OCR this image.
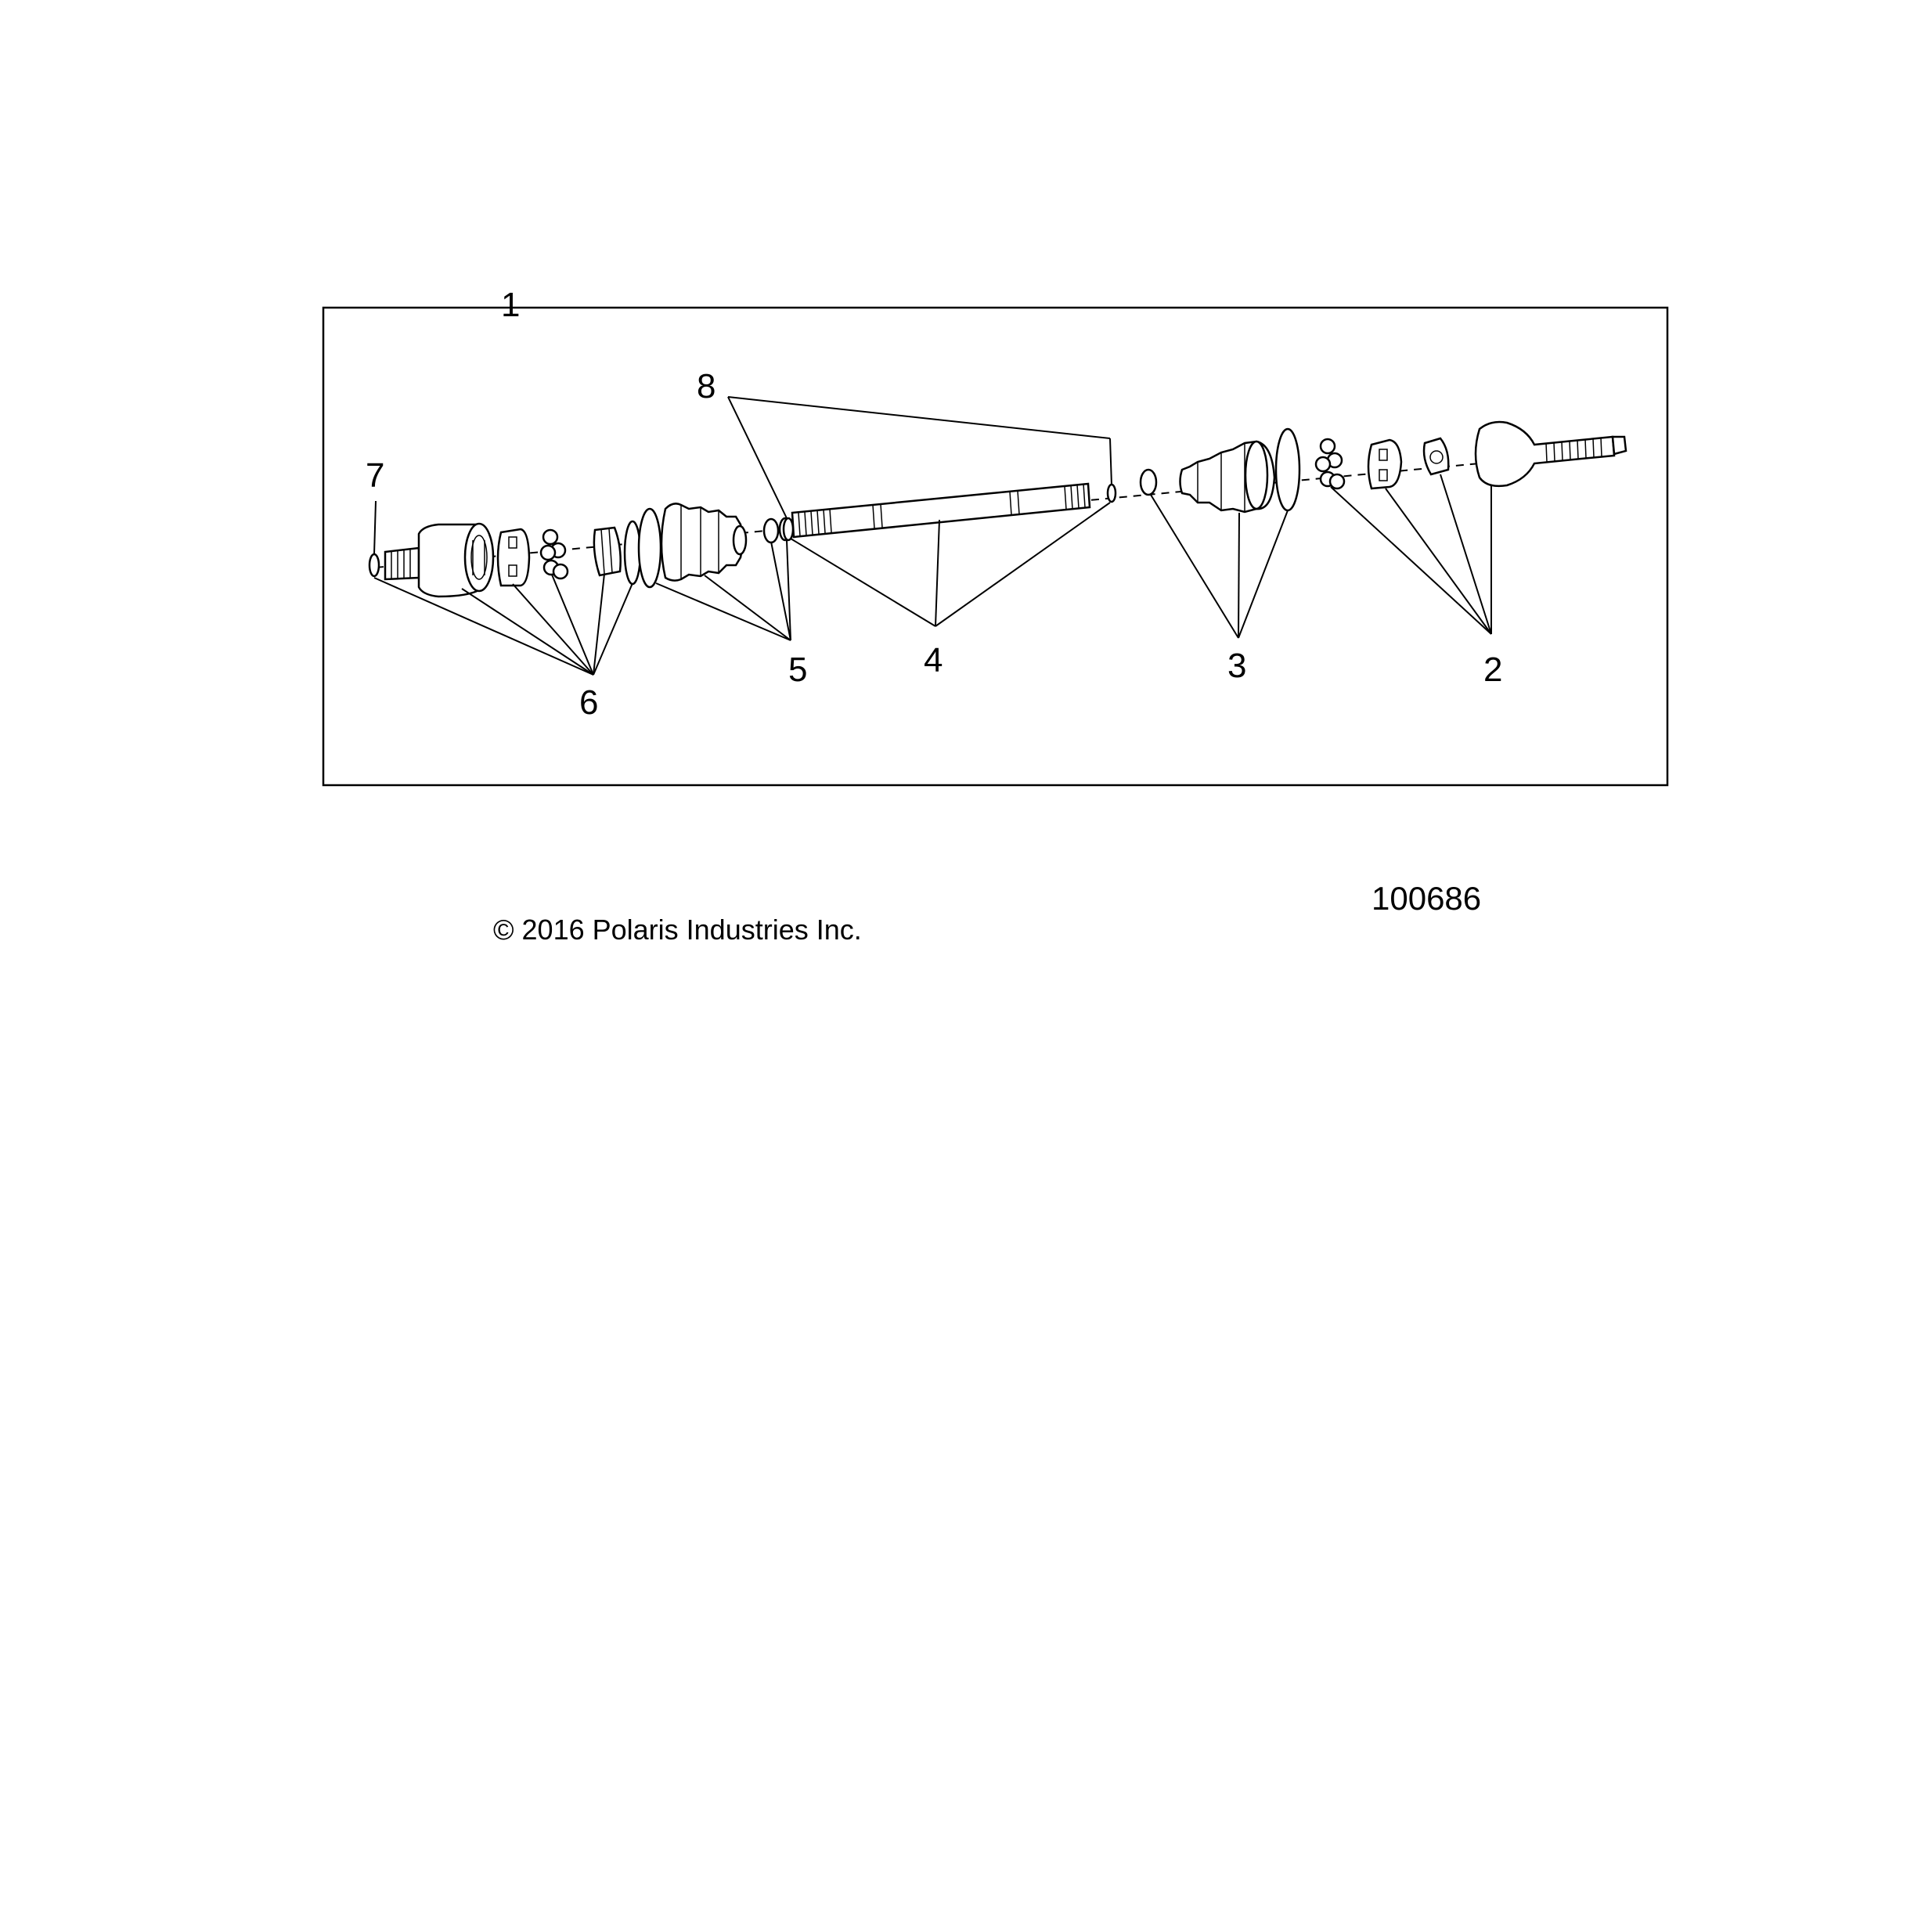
1
2
3
4
5
6
7
8
100686
© 2016 Polaris Industries Inc.
